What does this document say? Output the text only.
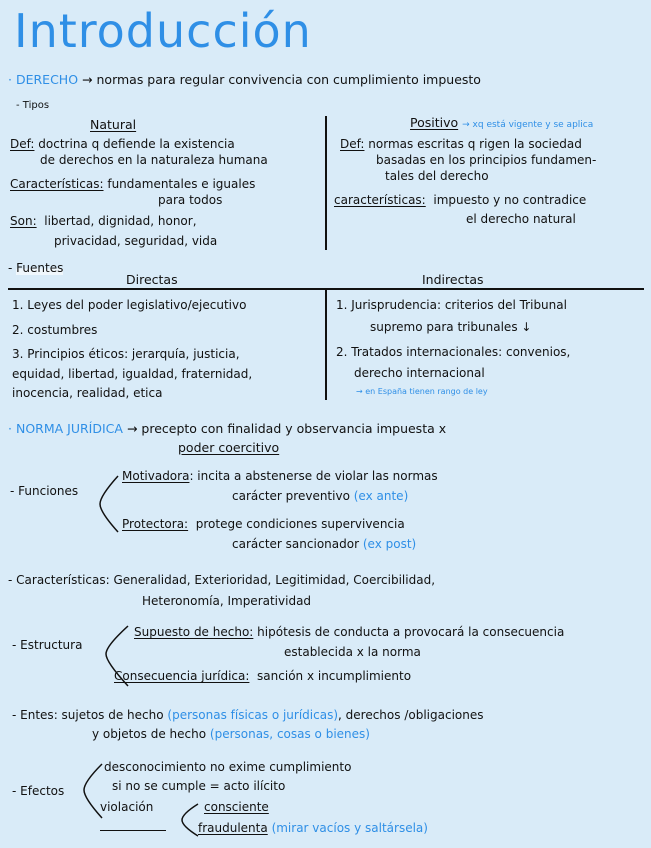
Introducción
· DERECHO → normas para regular convivencia con cumplimiento impuesto
- Tipos
Natural
Def: doctrina q defiende la existencia
de derechos en la naturaleza humana
Características: fundamentales e iguales
para todos
Son: libertad, dignidad, honor,
privacidad, seguridad, vida
Positivo → xq está vigente y se aplica
Def: normas escritas q rigen la sociedad
basadas en los principios fundamen-
tales del derecho
características: impuesto y no contradice
el derecho natural
- Fuentes
Directas
1. Leyes del poder legislativo/ejecutivo
2. costumbres
3. Principios éticos: jerarquía, justicia,
equidad, libertad, igualdad, fraternidad,
inocencia, realidad, etica
Indirectas
1. Jurisprudencia: criterios del Tribunal
supremo para tribunales ↓
2. Tratados internacionales: convenios,
derecho internacional
→ en España tienen rango de ley
· NORMA JURÍDICA → precepto con finalidad y observancia impuesta x
poder coercitivo
- Funciones
Motivadora: incita a abstenerse de violar las normas
carácter preventivo (ex ante)
Protectora: protege condiciones supervivencia
carácter sancionador (ex post)
- Características: Generalidad, Exterioridad, Legitimidad, Coercibilidad,
Heteronomía, Imperatividad
- Estructura
Supuesto de hecho: hipótesis de conducta a provocará la consecuencia
establecida x la norma
Consecuencia jurídica: sanción x incumplimiento
- Entes: sujetos de hecho (personas físicas o jurídicas), derechos /obligaciones
y objetos de hecho (personas, cosas o bienes)
- Efectos
desconocimiento no exime cumplimiento
si no se cumple = acto ilícito
violación	consciente
fraudulenta (mirar vacíos y saltársela)
